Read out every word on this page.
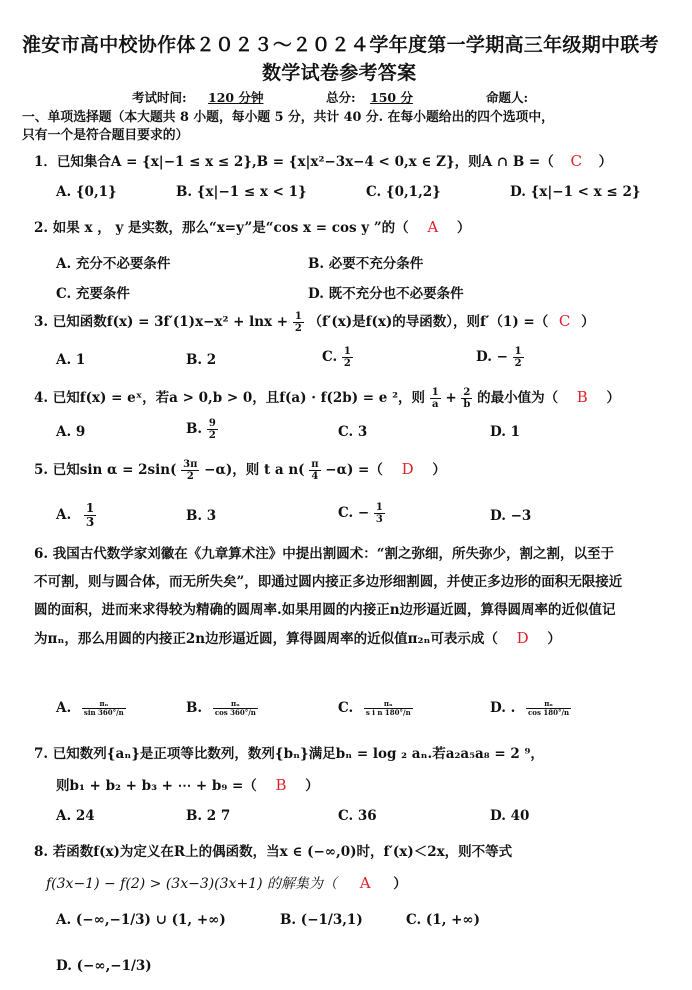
淮安市高中校协作体２０２３～２０２４学年度第一学期高三年级期中联考
数学试卷参考答案
考试时间: 120 分钟	总分: 150 分	命题人:
一、单项选择题（本大题共 8 小题，每小题 5 分，共计 40 分. 在每小题给出的四个选项中，
只有一个是符合题目要求的）
1．已知集合A = {x|−1 ≤ x ≤ 2},B = {x|x²−3x−4 < 0,x ∈ Z}，则A ∩ B =（ C ）
A. {0,1}	B. {x|−1 ≤ x < 1}	C. {0,1,2}	D. {x|−1 < x ≤ 2}
2. 如果 x ， y 是实数，那么“x=y”是“cos x = cos y ”的（ A ）
A. 充分不必要条件	B. 必要不充分条件
C. 充要条件	D. 既不充分也不必要条件
3. 已知函数$f(x) = 3f'(1)x-x^2 + \ln x + \frac{1}{2} (f'(x)$是f(x)的导函数），则f′（1) =（ C ）
A. 1	B. 2	C. $\frac{1}{2}$	D. − $\frac{1}{2}$
4. 已知f(x) = eˣ，若a > 0,b > 0，且f(a) · f(2b) = e ²，则 $\frac{1}{a} + \frac{2}{b}$ 的最小值为（ B ）
A. 9	B. $\frac{9}{2}$	C. 3	D. 1
5. 已知$\sin \alpha = 2\sin( \frac{3\pi}{2} -\alpha)$，则 t a $n( \frac{\pi}{4} -\alpha)$ =（ D ）
A. $\frac{1}{3}$	B. 3	C. − $\frac{1}{3}$	D. −3
6. 我国古代数学家刘徽在《九章算术注》中提出割圆术：“割之弥细，所失弥少，割之割，以至于不可割，则与圆合体，而无所失矣”，即通过圆内接正多边形细割圆，并使正多边形的面积无限接近圆的面积，进而来求得较为精确的圆周率.如果用圆的内接正n边形逼近圆，算得圆周率的近似值记为πₙ，那么用圆的内接正2n边形逼近圆，算得圆周率的近似值π₂ₙ可表示成（ D ）
A. $\frac{\text{πₙ}}{\sin 360^\circ/n}$	B. $\frac{\text{πₙ}}{\cos 360^\circ/n}$	C. $\frac{\text{πₙ}}{\text{s i n 180°/n}}$	D. . $\frac{\text{πₙ}}{\cos 180^\circ/n}$
7. 已知数列{aₙ}是正项等比数列，数列{bₙ}满足bₙ = log ₂ aₙ.若a₂a₅a₈ = 2 ⁹，
则b₁ + b₂ + b₃ + ⋯ + b₉ =（ B ）
A. 24	B. 2 7	C. 36	D. 40
8. 若函数f(x)为定义在R上的偶函数，当x ∈ (−∞,0)时，f′(x)＜2x，则不等式
f(3x−1) − f(2) > (3x−3)(3x+1) 的解集为（ A ）
A. (−∞,−1/3) ∪ (1, +∞)	B. (−1/3,1)	C. (1, +∞)
D. (−∞,−1/3)
